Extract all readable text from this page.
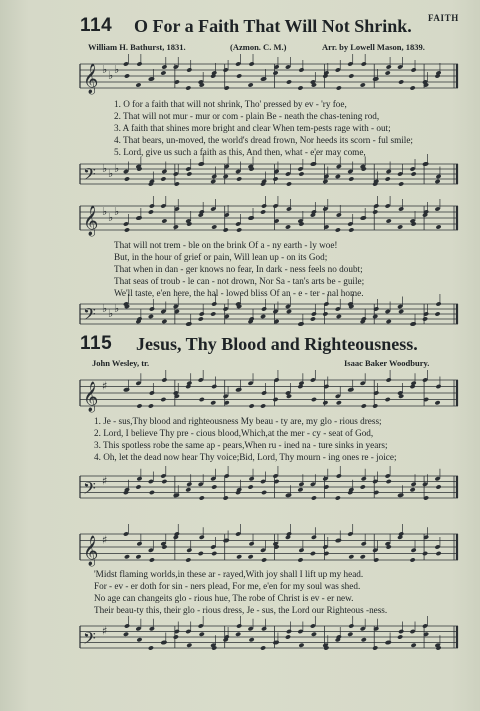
114 O For a Faith That Will Not Shrink. FAITH
William H. Bathurst, 1831.	(Azmon. C. M.)	Arr. by Lowell Mason, 1839.
𝄞 ♭ ♭ ♭
1. O for a faith that will not shrink, Tho' pressed by ev - 'ry foe,
2. That will not mur - mur or com - plain Be - neath the chas-tening rod,
3. A faith that shines more bright and clear When tem-pests rage with - out;
4. That bears, un-moved, the world's dread frown, Nor heeds its scorn - ful smile;
5. Lord, give us such a faith as this, And then, what - e'er may come,
𝄢 ♭ ♭ ♭
𝄞 ♭ ♭ ♭
That will not trem - ble on the brink Of a - ny earth - ly woe!
But, in the hour of grief or pain, Will lean up - on its God;
That when in dan - ger knows no fear, In dark - ness feels no doubt;
That seas of troub - le can - not drown, Nor Sa - tan's arts be - guile;
We'll taste, e'en here, the hal - lowed bliss Of an - e - ter - nal home.
𝄢 ♭ ♭ ♭
115 Jesus, Thy Blood and Righteousness.
John Wesley, tr.	Isaac Baker Woodbury.
𝄞 ♯
1. Je - sus,Thy blood and righteousness My beau - ty are, my glo - rious dress;
2. Lord, I believe Thy pre - cious blood,Which,at the mer - cy - seat of God,
3. This spotless robe the same ap - pears,When ru - ined na - ture sinks in years;
4. Oh, let the dead now hear Thy voice;Bid, Lord, Thy mourn - ing ones re - joice;
𝄢 ♯
𝄞 ♯
'Midst flaming worlds,in these ar - rayed,With joy shall I lift up my head.
For - ev - er doth for sin - ners plead, For me, e'en for my soul was shed.
No age can changeits glo - rious hue, The robe of Christ is ev - er new.
Their beau-ty this, their glo - rious dress, Je - sus, the Lord our Righteous -ness.
𝄢 ♯
